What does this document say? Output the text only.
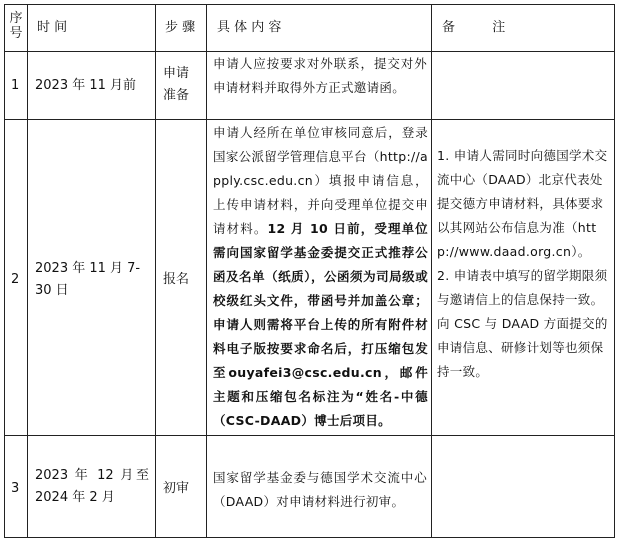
序号 时 间	步 骤 具 体 内 容	备         注
1 2023 年 11 月前
申请准备
申请人应按要求对外联系，提交对外申请材料并取得外方正式邀请函。
2
2023 年 11 月 7-30 日
报名
申请人经所在单位审核同意后，登录国家公派留学管理信息平台（http://apply.csc.edu.cn）填报申请信息，上传申请材料，并向受理单位提交申请材料。12 月 10 日前，受理单位需向国家留学基金委提交正式推荐公函及名单（纸质），公函须为司局级或校级红头文件，带函号并加盖公章；申请人则需将平台上传的所有附件材料电子版按要求命名后，打压缩包发至ouyafei3@csc.edu.cn，邮件主题和压缩包名标注为“姓名-中德（CSC-DAAD）博士后项目。
1. 申请人需同时向德国学术交流中心（DAAD）北京代表处提交德方申请材料，具体要求以其网站公布信息为准（http://www.daad.org.cn）。
2. 申请表中填写的留学期限须与邀请信上的信息保持一致。向 CSC 与 DAAD 方面提交的申请信息、研修计划等也须保持一致。
3
2023 年 12 月至 2024 年 2 月
初审
国家留学基金委与德国学术交流中心（DAAD）对申请材料进行初审。
